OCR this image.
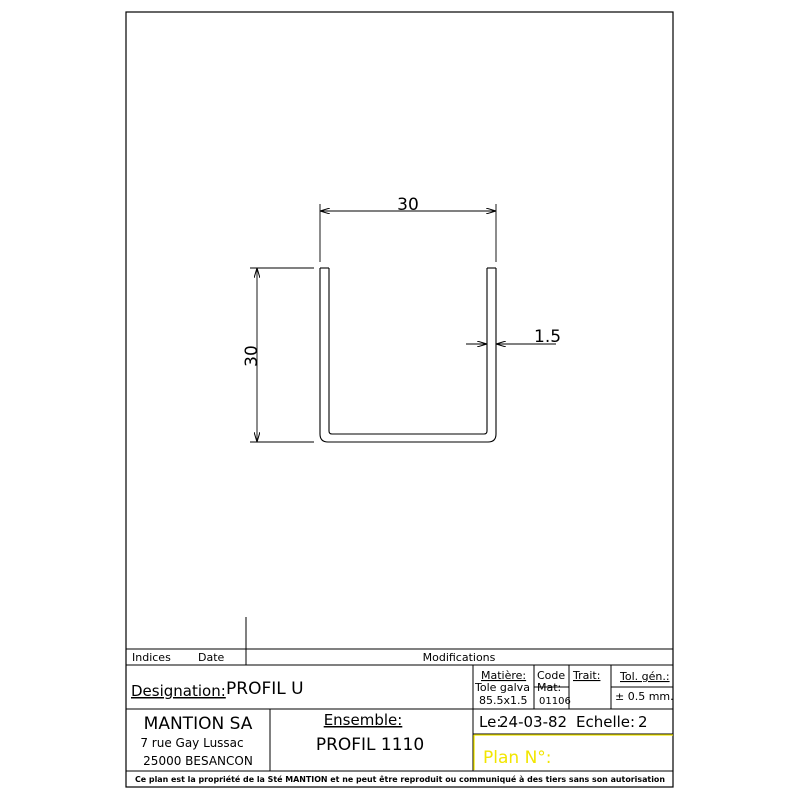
30
30
1.5
Indices Date	Modifications
Designation: PROFIL U
Matière:
Tole galva
85.5x1.5
Code
Mat:
01106
Trait: Tol. gén.:
± 0.5 mm.
MANTION SA
7 rue Gay Lussac
25000 BESANCON
Ensemble:
PROFIL 1110
Le:
24-03-82 Echelle: 2
Plan N°:
Ce plan est la propriété de la Sté MANTION et ne peut être reproduit ou communiqué à des tiers sans son autorisation
